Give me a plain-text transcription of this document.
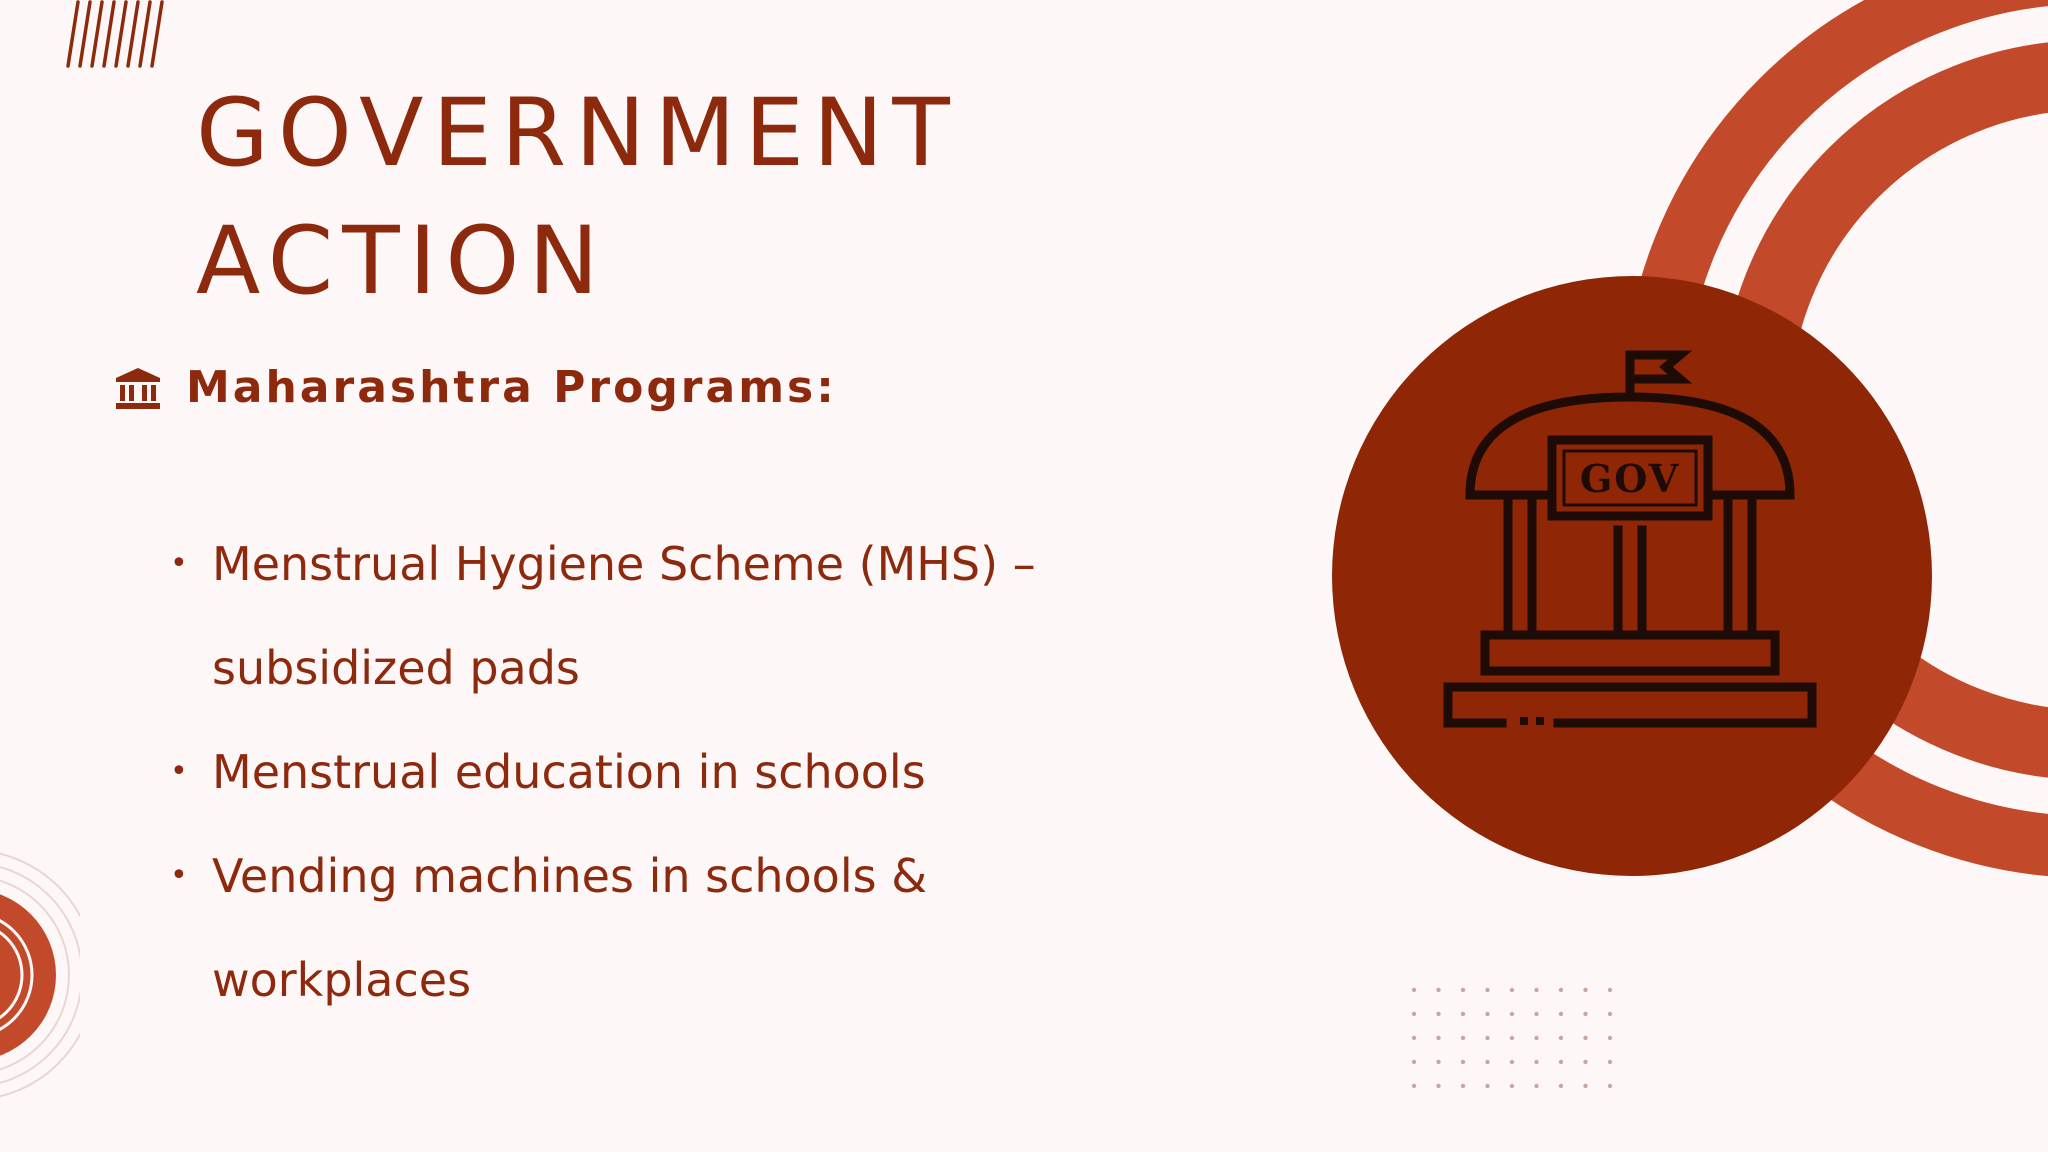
GOVERNMENT
ACTION
Maharashtra Programs:
• Menstrual Hygiene Scheme (MHS) – subsidized pads
• Menstrual education in schools
• Vending machines in schools & workplaces
GOV
